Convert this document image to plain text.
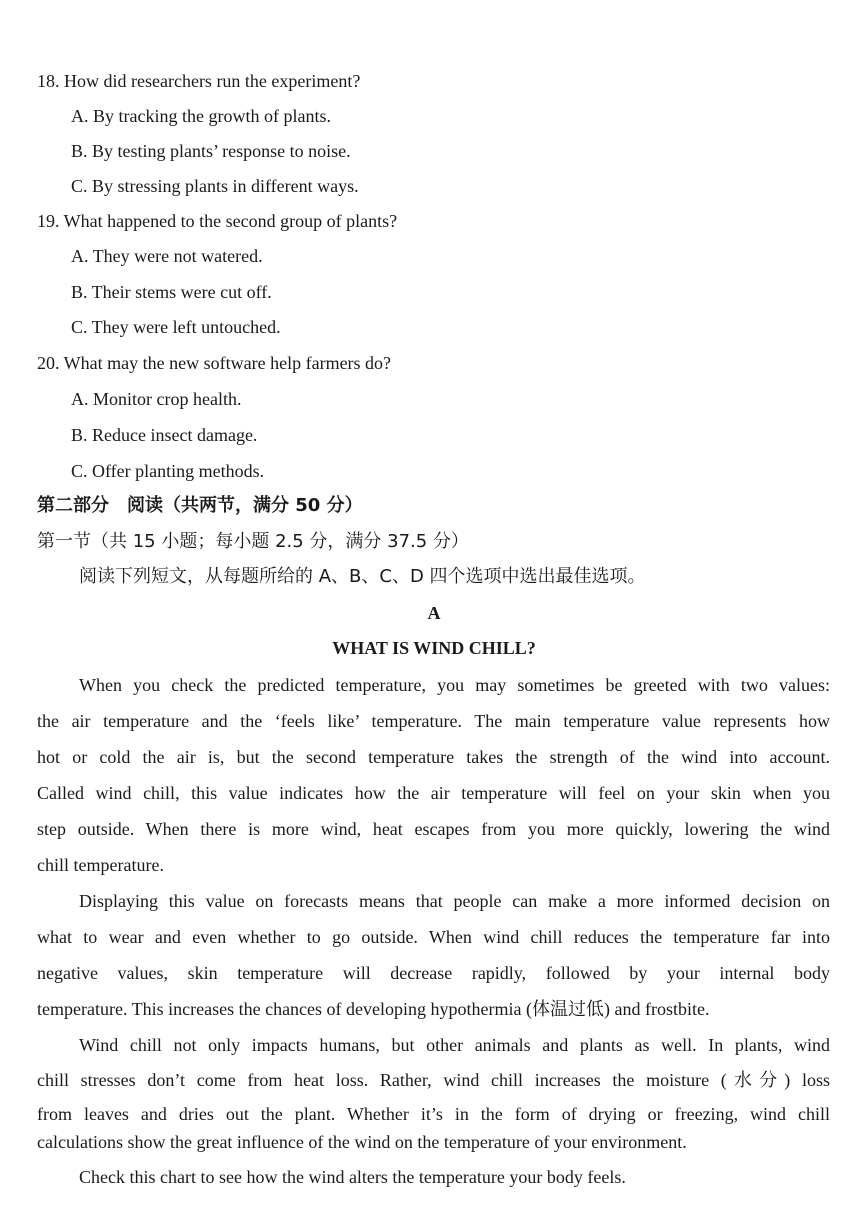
18. How did researchers run the experiment?
A. By tracking the growth of plants.
B. By testing plants’ response to noise.
C. By stressing plants in different ways.
19. What happened to the second group of plants?
A. They were not watered.
B. Their stems were cut off.
C. They were left untouched.
20. What may the new software help farmers do?
A. Monitor crop health.
B. Reduce insect damage.
C. Offer planting methods.
第二部分　阅读（共两节，满分 50 分）
第一节（共 15 小题；每小题 2.5 分，满分 37.5 分）
阅读下列短文，从每题所给的 A、B、C、D 四个选项中选出最佳选项。
A
WHAT IS WIND CHILL?
When you check the predicted temperature, you may sometimes be greeted with two values:
the air temperature and the ‘feels like’ temperature. The main temperature value represents how
hot or cold the air is, but the second temperature takes the strength of the wind into account.
Called wind chill, this value indicates how the air temperature will feel on your skin when you
step outside. When there is more wind, heat escapes from you more quickly, lowering the wind
chill temperature.
Displaying this value on forecasts means that people can make a more informed decision on
what to wear and even whether to go outside. When wind chill reduces the temperature far into
negative values, skin temperature will decrease rapidly, followed by your internal body
temperature. This increases the chances of developing hypothermia (体温过低) and frostbite.
Wind chill not only impacts humans, but other animals and plants as well. In plants, wind
chill stresses don’t come from heat loss. Rather, wind chill increases the moisture (水分) loss
from leaves and dries out the plant. Whether it’s in the form of drying or freezing, wind chill
calculations show the great influence of the wind on the temperature of your environment.
Check this chart to see how the wind alters the temperature your body feels.
